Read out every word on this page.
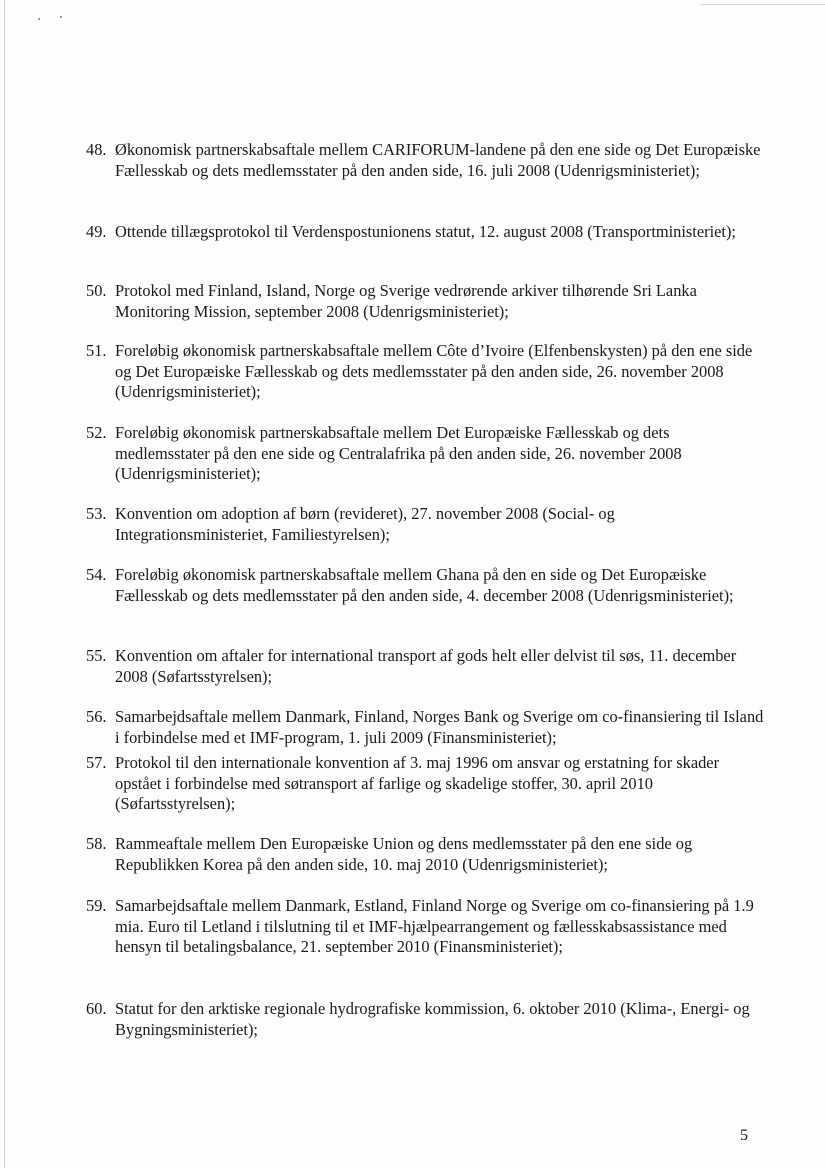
48. Økonomisk partnerskabsaftale mellem CARIFORUM-landene på den ene side og Det Europæiske Fællesskab og dets medlemsstater på den anden side, 16. juli 2008 (Udenrigsministeriet);
49. Ottende tillægsprotokol til Verdenspostunionens statut, 12. august 2008 (Transportministeriet);
50. Protokol med Finland, Island, Norge og Sverige vedrørende arkiver tilhørende Sri Lanka Monitoring Mission, september 2008 (Udenrigsministeriet);
51. Foreløbig økonomisk partnerskabsaftale mellem Côte d’Ivoire (Elfenbenskysten) på den ene side og Det Europæiske Fællesskab og dets medlemsstater på den anden side, 26. november 2008 (Udenrigsministeriet);
52. Foreløbig økonomisk partnerskabsaftale mellem Det Europæiske Fællesskab og dets medlemsstater på den ene side og Centralafrika på den anden side, 26. november 2008 (Udenrigsministeriet);
53. Konvention om adoption af børn (revideret), 27. november 2008 (Social- og Integrationsministeriet, Familiestyrelsen);
54. Foreløbig økonomisk partnerskabsaftale mellem Ghana på den en side og Det Europæiske Fællesskab og dets medlemsstater på den anden side, 4. december 2008 (Udenrigsministeriet);
55. Konvention om aftaler for international transport af gods helt eller delvist til søs, 11. december 2008 (Søfartsstyrelsen);
56. Samarbejdsaftale mellem Danmark, Finland, Norges Bank og Sverige om co-finansiering til Island i forbindelse med et IMF-program, 1. juli 2009 (Finansministeriet);
57. Protokol til den internationale konvention af 3. maj 1996 om ansvar og erstatning for skader opstået i forbindelse med søtransport af farlige og skadelige stoffer, 30. april 2010 (Søfartsstyrelsen);
58. Rammeaftale mellem Den Europæiske Union og dens medlemsstater på den ene side og Republikken Korea på den anden side, 10. maj 2010 (Udenrigsministeriet);
59. Samarbejdsaftale mellem Danmark, Estland, Finland Norge og Sverige om co-finansiering på 1.9 mia. Euro til Letland i tilslutning til et IMF-hjælpearrangement og fællesskabsassistance med hensyn til betalingsbalance, 21. september 2010 (Finansministeriet);
60. Statut for den arktiske regionale hydrografiske kommission, 6. oktober 2010 (Klima-, Energi- og Bygningsministeriet);
5
